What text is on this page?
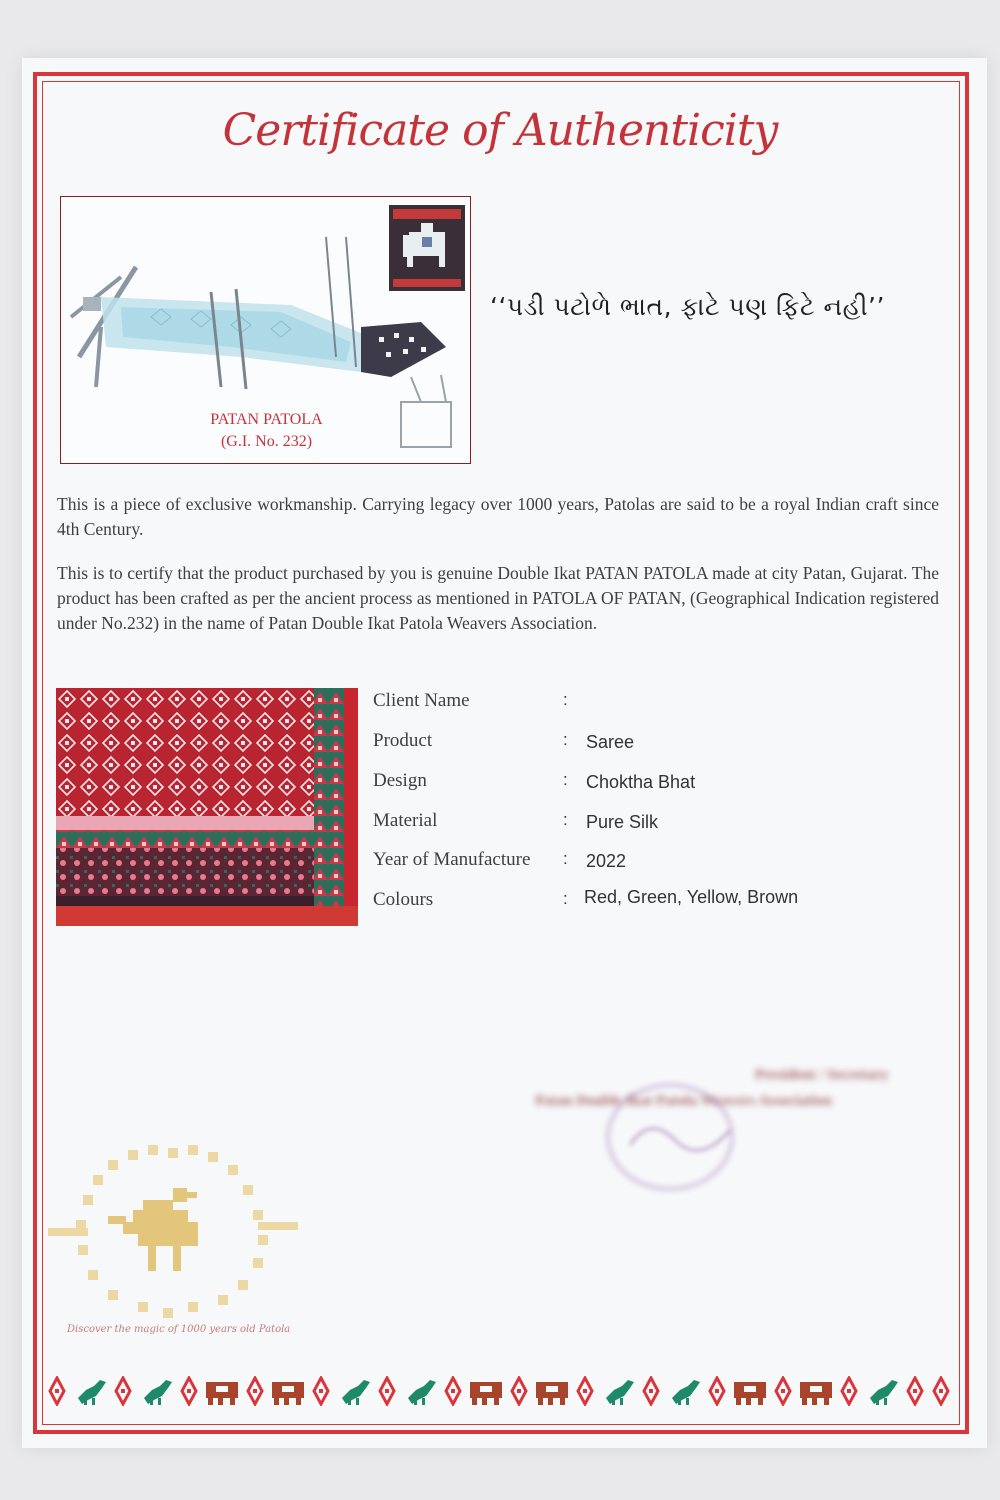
Certificate of Authenticity
PATAN PATOLA
(G.I. No. 232)
‘‘પડી પટોળે ભાત, ફાટે પણ ફિટે નહી’’
This is a piece of exclusive workmanship. Carrying legacy over 1000 years, Patolas are said to be a royal Indian craft since 4th Century.
This is to certify that the product purchased by you is genuine Double Ikat PATAN PATOLA made at city Patan, Gujarat. The product has been crafted as per the ancient process as mentioned in PATOLA OF PATAN, (Geographical Indication registered under No.232) in the name of Patan Double Ikat Patola Weavers Association.
Client Name	:
Product	: Saree
Design	: Choktha Bhat
Material	: Pure Silk
Year of Manufacture : 2022
Colours	: Red, Green, Yellow, Brown
President / Secretary
Patan Double Ikat Patola Weavers Association
Discover the magic of 1000 years old Patola
